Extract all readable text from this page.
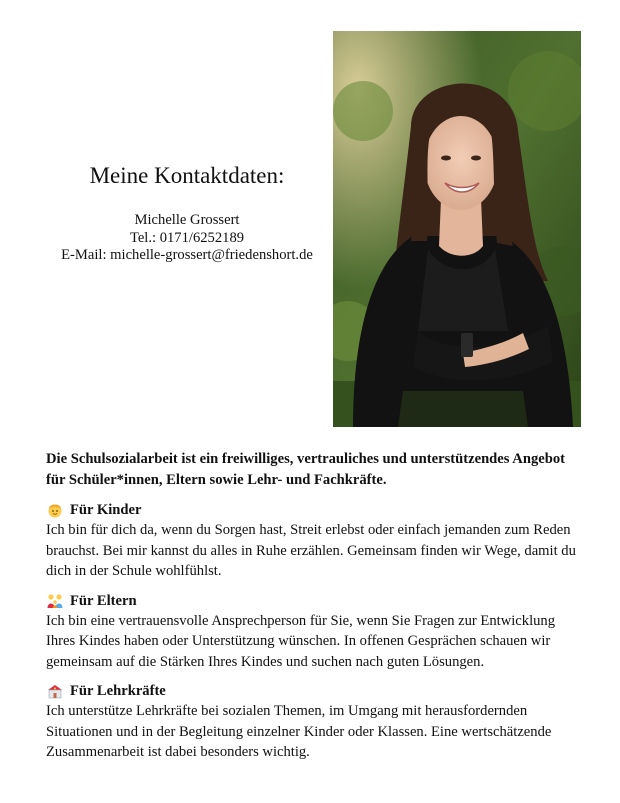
Meine Kontaktdaten:

Michelle Grossert

Tel.: 0171/6252189

E-Mail: michelle-grossert@friedenshort.de

Die Schulsozialarbeit ist ein freiwilliges, vertrauliches und unterstützendes Angebot für Schüler*innen, Eltern sowie Lehr- und Fachkräfte.

Für Kinder

Ich bin für dich da, wenn du Sorgen hast, Streit erlebst oder einfach jemanden zum Reden brauchst. Bei mir kannst du alles in Ruhe erzählen. Gemeinsam finden wir Wege, damit du dich in der Schule wohlfühlst.

Für Eltern

Ich bin eine vertrauensvolle Ansprechperson für Sie, wenn Sie Fragen zur Entwicklung Ihres Kindes haben oder Unterstützung wünschen. In offenen Gesprächen schauen wir gemeinsam auf die Stärken Ihres Kindes und suchen nach guten Lösungen.

Für Lehrkräfte

Ich unterstütze Lehrkräfte bei sozialen Themen, im Umgang mit herausfordernden Situationen und in der Begleitung einzelner Kinder oder Klassen. Eine wertschätzende Zusammenarbeit ist dabei besonders wichtig.
